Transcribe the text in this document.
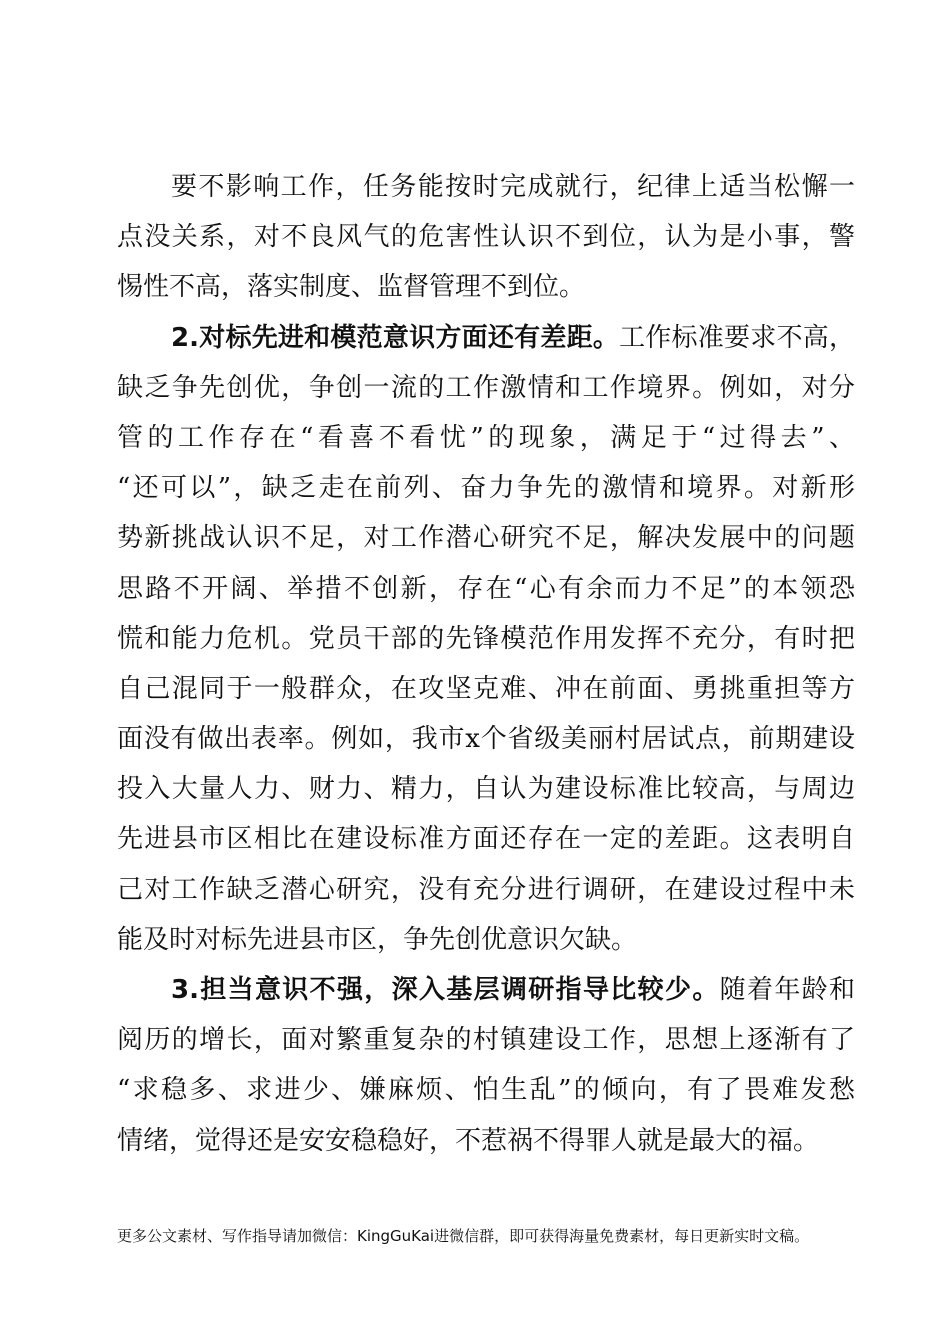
要不影响工作，任务能按时完成就行，纪律上适当松懈一
点没关系，对不良风气的危害性认识不到位，认为是小事，警
惕性不高，落实制度、监督管理不到位。
2.对标先进和模范意识方面还有差距。工作标准要求不高，
缺乏争先创优，争创一流的工作激情和工作境界。例如，对分
管的工作存在“看喜不看忧”的现象，满足于“过得去”、
“还可以”，缺乏走在前列、奋力争先的激情和境界。对新形
势新挑战认识不足，对工作潜心研究不足，解决发展中的问题
思路不开阔、举措不创新，存在“心有余而力不足”的本领恐
慌和能力危机。党员干部的先锋模范作用发挥不充分，有时把
自己混同于一般群众，在攻坚克难、冲在前面、勇挑重担等方
面没有做出表率。例如，我市x个省级美丽村居试点，前期建设
投入大量人力、财力、精力，自认为建设标准比较高，与周边
先进县市区相比在建设标准方面还存在一定的差距。这表明自
己对工作缺乏潜心研究，没有充分进行调研，在建设过程中未
能及时对标先进县市区，争先创优意识欠缺。
3.担当意识不强，深入基层调研指导比较少。随着年龄和
阅历的增长，面对繁重复杂的村镇建设工作，思想上逐渐有了
“求稳多、求进少、嫌麻烦、怕生乱”的倾向，有了畏难发愁
情绪，觉得还是安安稳稳好，不惹祸不得罪人就是最大的福。
更多公文素材、写作指导请加微信：KingGuKai进微信群，即可获得海量免费素材，每日更新实时文稿。
